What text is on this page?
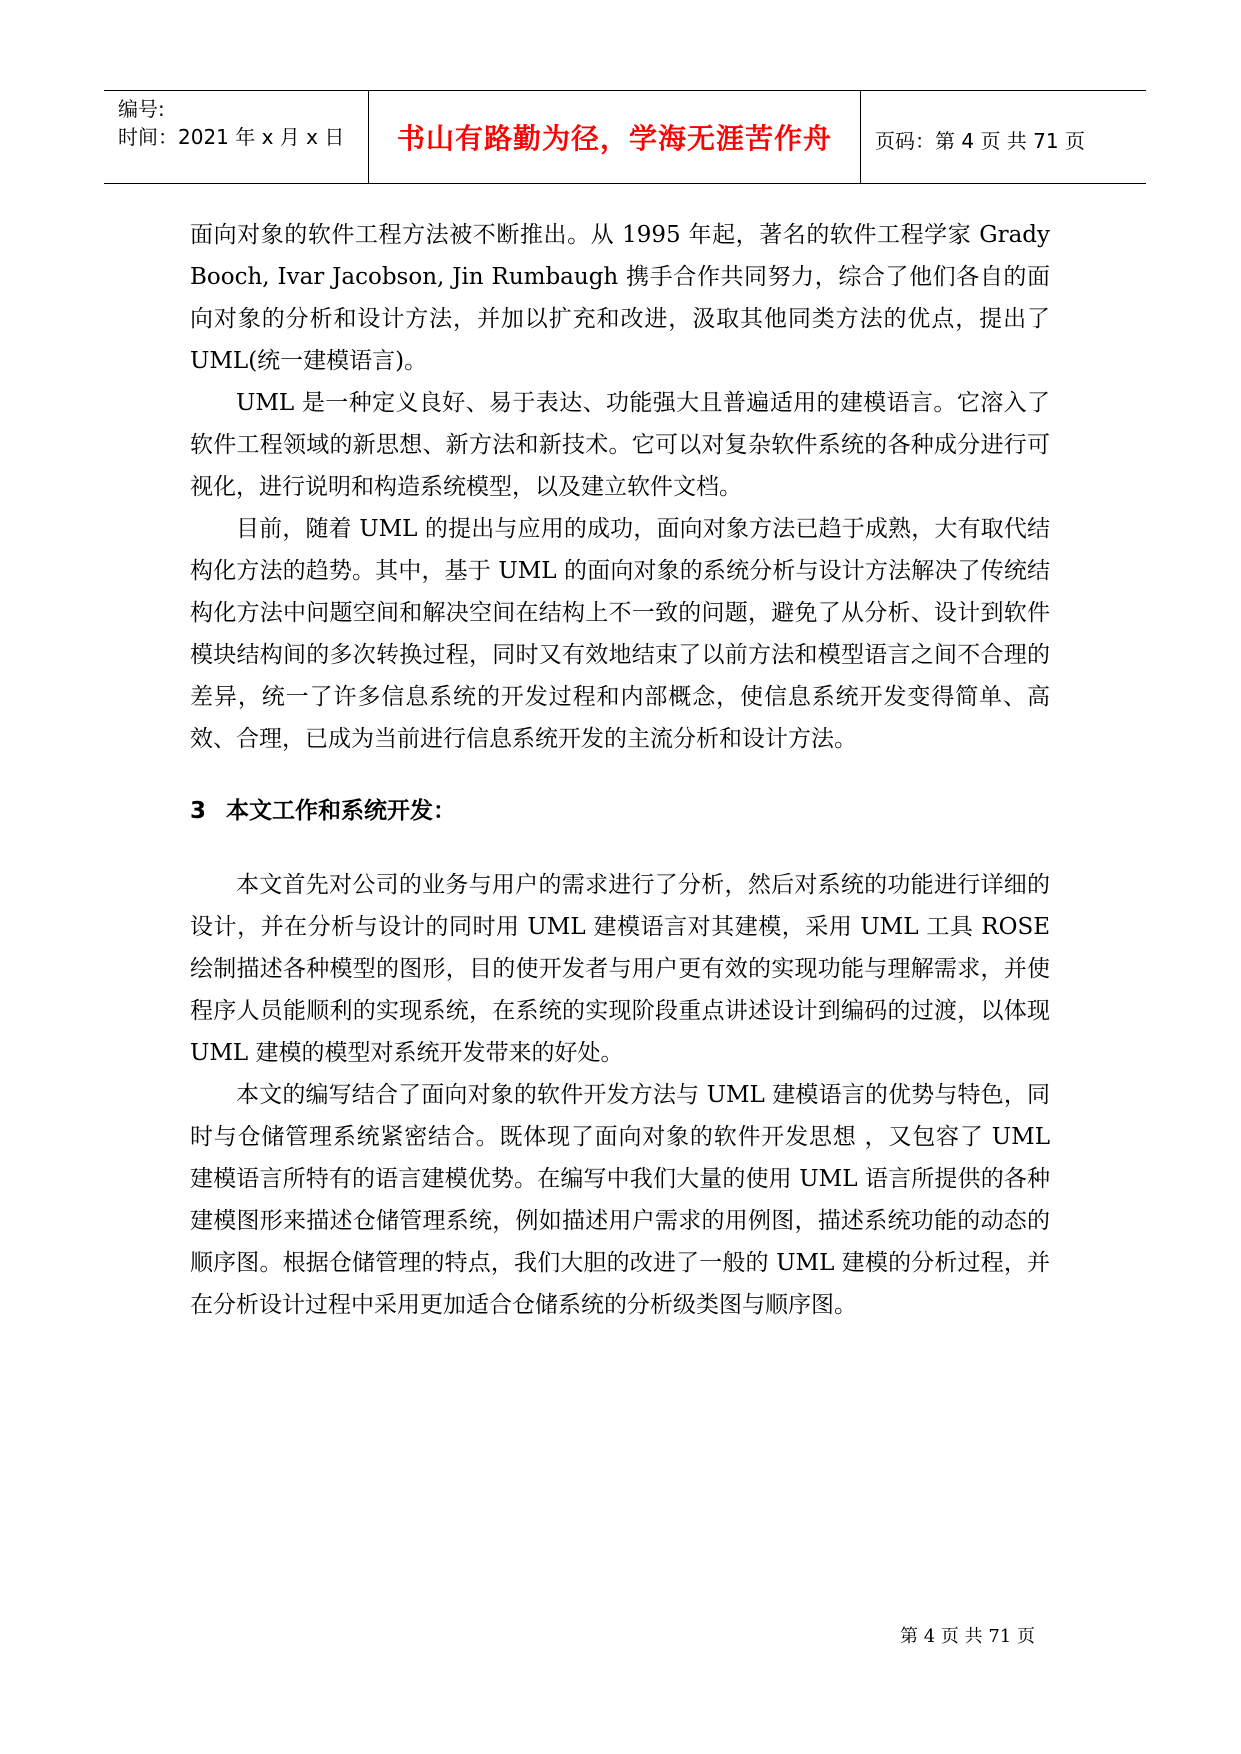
编号:
时间：2021 年 x 月 x 日	书山有路勤为径，学海无涯苦作舟	页码：第 4 页 共 71 页

面向对象的软件工程方法被不断推出。从 1995 年起，著名的软件工程学家 Grady Booch, Ivar Jacobson, Jin Rumbaugh 携手合作共同努力，综合了他们各自的面向对象的分析和设计方法，并加以扩充和改进，汲取其他同类方法的优点，提出了 UML(统一建模语言)。

UML 是一种定义良好、易于表达、功能强大且普遍适用的建模语言。它溶入了软件工程领域的新思想、新方法和新技术。它可以对复杂软件系统的各种成分进行可视化，进行说明和构造系统模型，以及建立软件文档。

目前，随着 UML 的提出与应用的成功，面向对象方法已趋于成熟，大有取代结构化方法的趋势。其中，基于 UML 的面向对象的系统分析与设计方法解决了传统结构化方法中问题空间和解决空间在结构上不一致的问题，避免了从分析、设计到软件模块结构间的多次转换过程，同时又有效地结束了以前方法和模型语言之间不合理的差异，统一了许多信息系统的开发过程和内部概念，使信息系统开发变得简单、高效、合理，已成为当前进行信息系统开发的主流分析和设计方法。

3 本文工作和系统开发：

本文首先对公司的业务与用户的需求进行了分析，然后对系统的功能进行详细的设计，并在分析与设计的同时用 UML 建模语言对其建模，采用 UML 工具 ROSE 绘制描述各种模型的图形，目的使开发者与用户更有效的实现功能与理解需求，并使程序人员能顺利的实现系统，在系统的实现阶段重点讲述设计到编码的过渡，以体现 UML 建模的模型对系统开发带来的好处。

本文的编写结合了面向对象的软件开发方法与 UML 建模语言的优势与特色，同时与仓储管理系统紧密结合。既体现了面向对象的软件开发思想 ，又包容了 UML 建模语言所特有的语言建模优势。在编写中我们大量的使用 UML 语言所提供的各种建模图形来描述仓储管理系统，例如描述用户需求的用例图，描述系统功能的动态的顺序图。根据仓储管理的特点，我们大胆的改进了一般的 UML 建模的分析过程，并在分析设计过程中采用更加适合仓储系统的分析级类图与顺序图。

第 4 页 共 71 页
